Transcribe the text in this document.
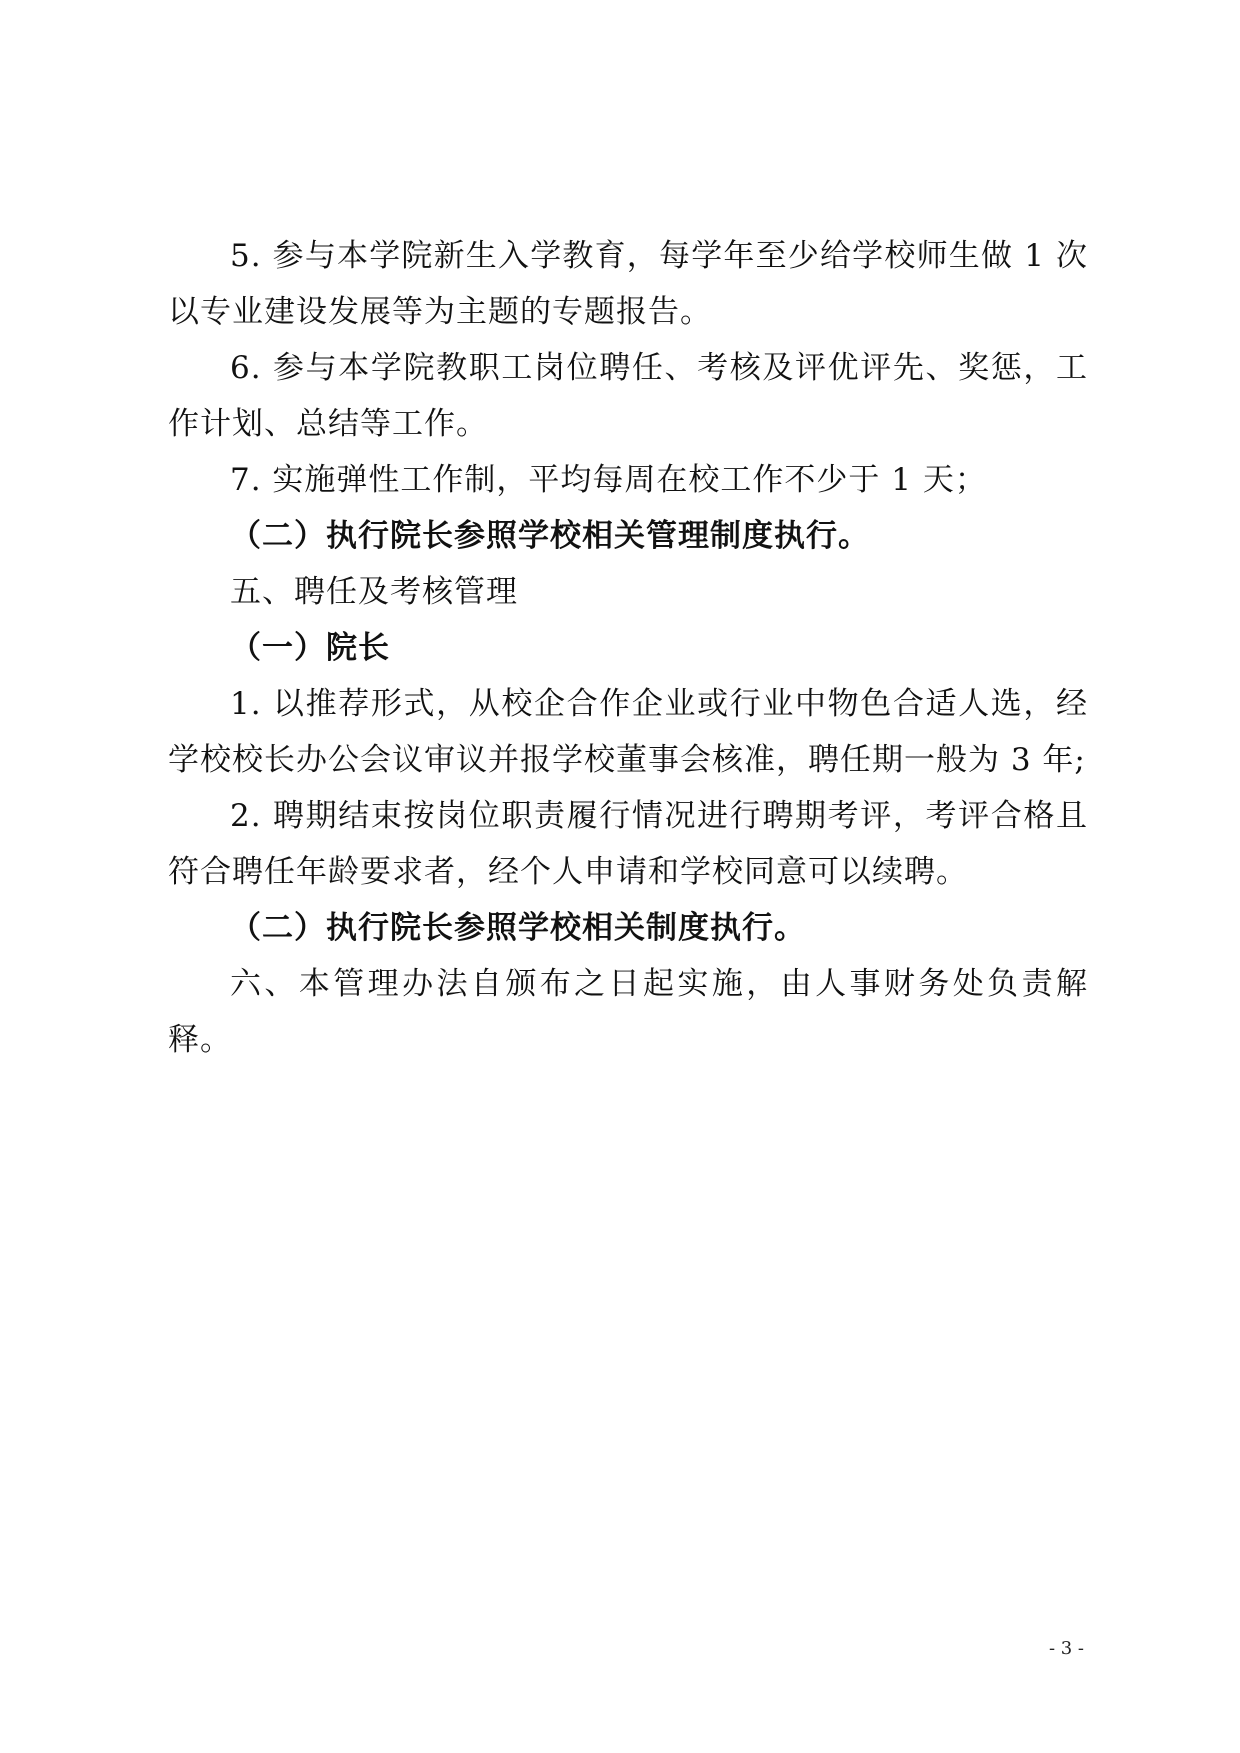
5. 参与本学院新生入学教育，每学年至少给学校师生做 1 次以专业建设发展等为主题的专题报告。

6. 参与本学院教职工岗位聘任、考核及评优评先、奖惩，工作计划、总结等工作。

7. 实施弹性工作制，平均每周在校工作不少于 1 天；

（二）执行院长参照学校相关管理制度执行。

五、聘任及考核管理

（一）院长

1. 以推荐形式，从校企合作企业或行业中物色合适人选，经学校校长办公会议审议并报学校董事会核准，聘任期一般为 3 年;

2. 聘期结束按岗位职责履行情况进行聘期考评，考评合格且符合聘任年龄要求者，经个人申请和学校同意可以续聘。

（二）执行院长参照学校相关制度执行。

六、本管理办法自颁布之日起实施，由人事财务处负责解释。

- 3 -
